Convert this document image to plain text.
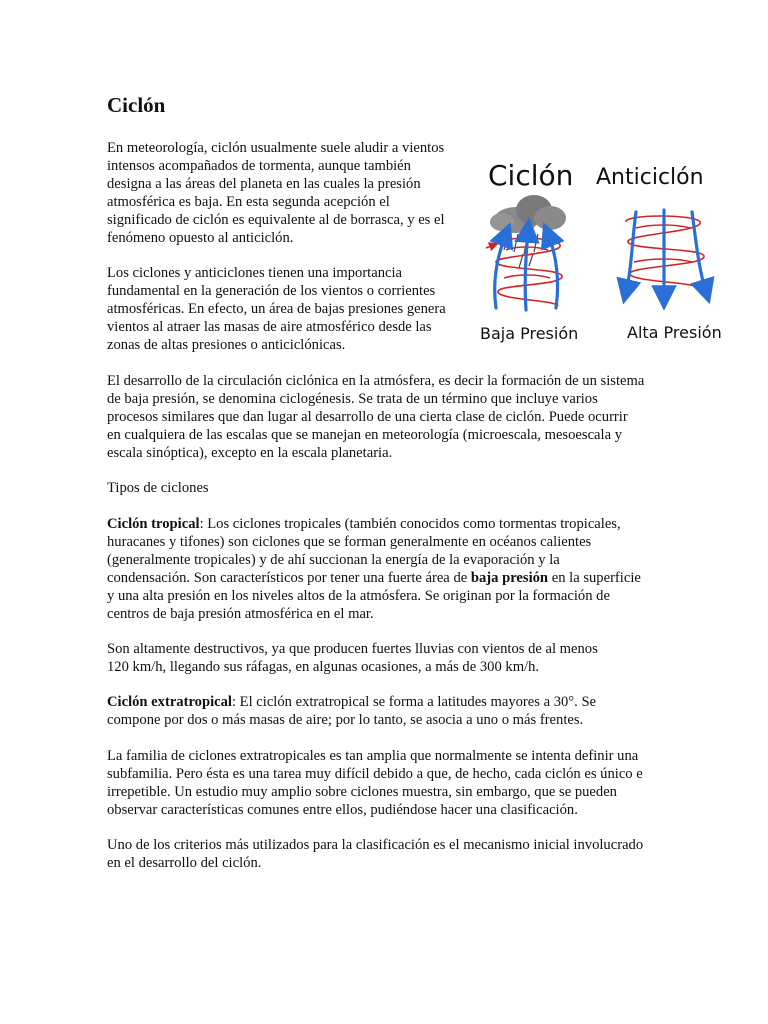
Ciclón

En meteorología, ciclón usualmente suele aludir a vientos
intensos acompañados de tormenta, aunque también
designa a las áreas del planeta en las cuales la presión
atmosférica es baja. En esta segunda acepción el
significado de ciclón es equivalente al de borrasca, y es el
fenómeno opuesto al anticiclón.

Los ciclones y anticiclones tienen una importancia
fundamental en la generación de los vientos o corrientes
atmosféricas. En efecto, un área de bajas presiones genera
vientos al atraer las masas de aire atmosférico desde las
zonas de altas presiones o anticiclónicas.

El desarrollo de la circulación ciclónica en la atmósfera, es decir la formación de un sistema
de baja presión, se denomina ciclogénesis. Se trata de un término que incluye varios
procesos similares que dan lugar al desarrollo de una cierta clase de ciclón. Puede ocurrir
en cualquiera de las escalas que se manejan en meteorología (microescala, mesoescala y
escala sinóptica), excepto en la escala planetaria.

Tipos de ciclones

Ciclón tropical: Los ciclones tropicales (también conocidos como tormentas tropicales,
huracanes y tifones) son ciclones que se forman generalmente en océanos calientes
(generalmente tropicales) y de ahí succionan la energía de la evaporación y la
condensación. Son característicos por tener una fuerte área de baja presión en la superficie
y una alta presión en los niveles altos de la atmósfera. Se originan por la formación de
centros de baja presión atmosférica en el mar.

Son altamente destructivos, ya que producen fuertes lluvias con vientos de al menos
120 km/h, llegando sus ráfagas, en algunas ocasiones, a más de 300 km/h.

Ciclón extratropical: El ciclón extratropical se forma a latitudes mayores a 30°. Se
compone por dos o más masas de aire; por lo tanto, se asocia a uno o más frentes.

La familia de ciclones extratropicales es tan amplia que normalmente se intenta definir una
subfamilia. Pero ésta es una tarea muy difícil debido a que, de hecho, cada ciclón es único e
irrepetible. Un estudio muy amplio sobre ciclones muestra, sin embargo, que se pueden
observar características comunes entre ellos, pudiéndose hacer una clasificación.

Uno de los criterios más utilizados para la clasificación es el mecanismo inicial involucrado
en el desarrollo del ciclón.

Ciclón Anticiclón
Baja Presión	Alta Presión
